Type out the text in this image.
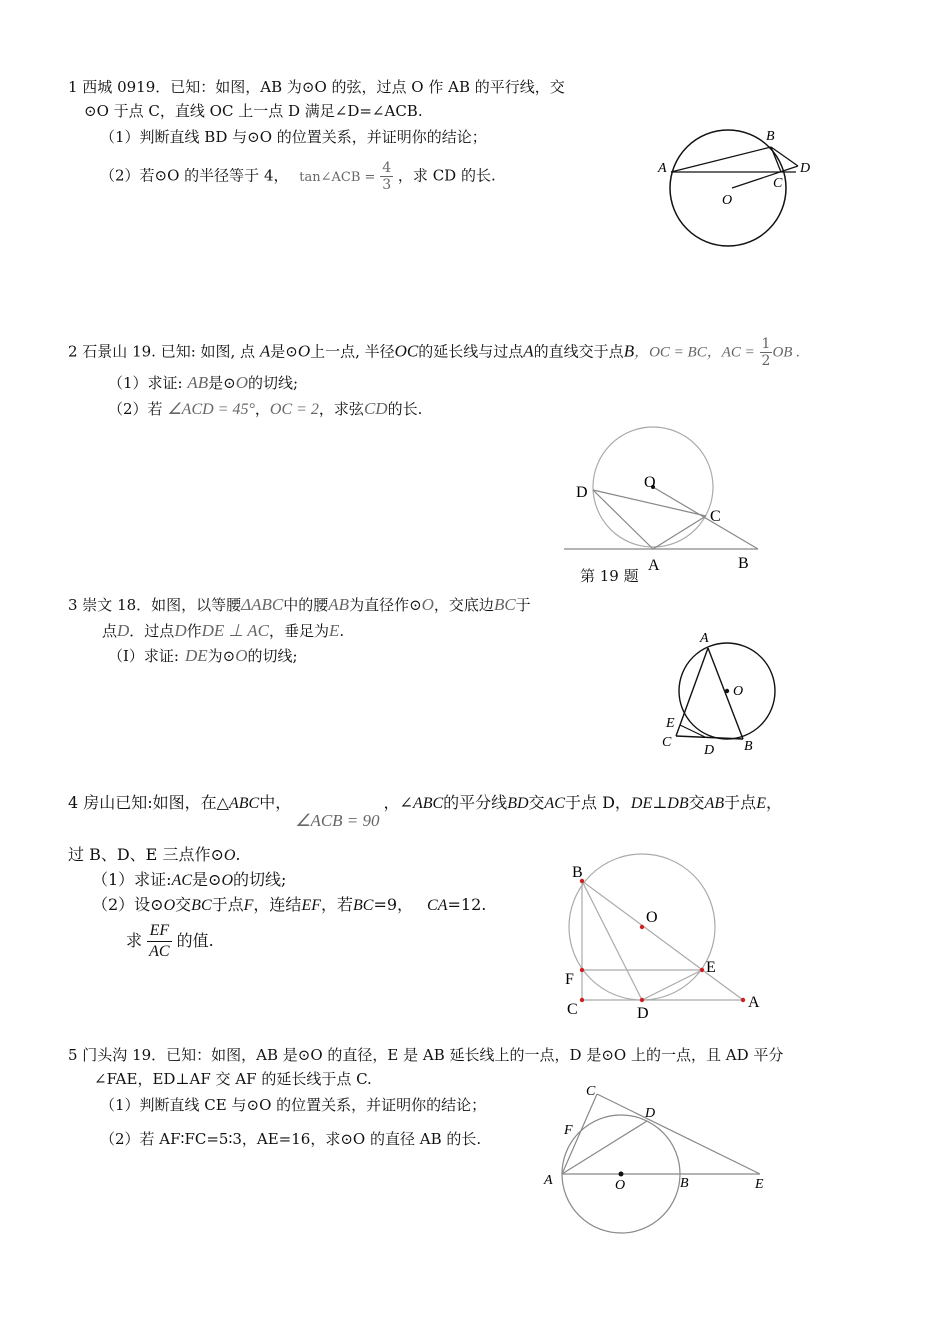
1 西城 0919．已知：如图，AB 为⊙O 的弦，过点 O 作 AB 的平行线，交
⊙O 于点 C，直线 OC 上一点 D 满足∠D=∠ACB.
（1）判断直线 BD 与⊙O 的位置关系，并证明你的结论；
（2）若⊙O 的半径等于 4， tan∠ACB = $\frac{4}{3}$ ，求 CD 的长.	A
B
C
D
O
2 石景山 19. 已知: 如图, 点 A是⊙O上一点, 半径OC的延长线与过点A的直线交于点B，OC = BC，AC = $\frac{1}{2}$ OB .
（1）求证: AB是⊙O的切线;
（2）若 ∠ACD = 45°，OC = 2，求弦CD的长.
D
O
C
A	B
第 19 题
3 崇文 18．如图，以等腰ΔABC中的腰AB为直径作⊙O，交底边BC于
点D．过点D作DE ⊥ AC，垂足为E.
（I）求证: DE为⊙O的切线;
A
O
E
C
D B
4 房山已知:如图，在△ABC中，∠ACB = 90，∠ABC的平分线BD交AC于点 D，DE⊥DB交AB于点E，
过 B、D、E 三点作⊙O.
（1）求证:AC是⊙O的切线;
（2）设⊙O交BC于点F，连结EF，若BC=9， CA=12.
求 $\frac{EF}{AC}$ 的值.
B
O
F
E
C	D
A
5 门头沟 19．已知：如图，AB 是⊙O 的直径，E 是 AB 延长线上的一点，D 是⊙O 上的一点，且 AD 平分
∠FAE，ED⊥AF 交 AF 的延长线于点 C.
（1）判断直线 CE 与⊙O 的位置关系，并证明你的结论；
（2）若 AF∶FC=5∶3，AE=16，求⊙O 的直径 AB 的长.
C
D
F
A	O	B	E
